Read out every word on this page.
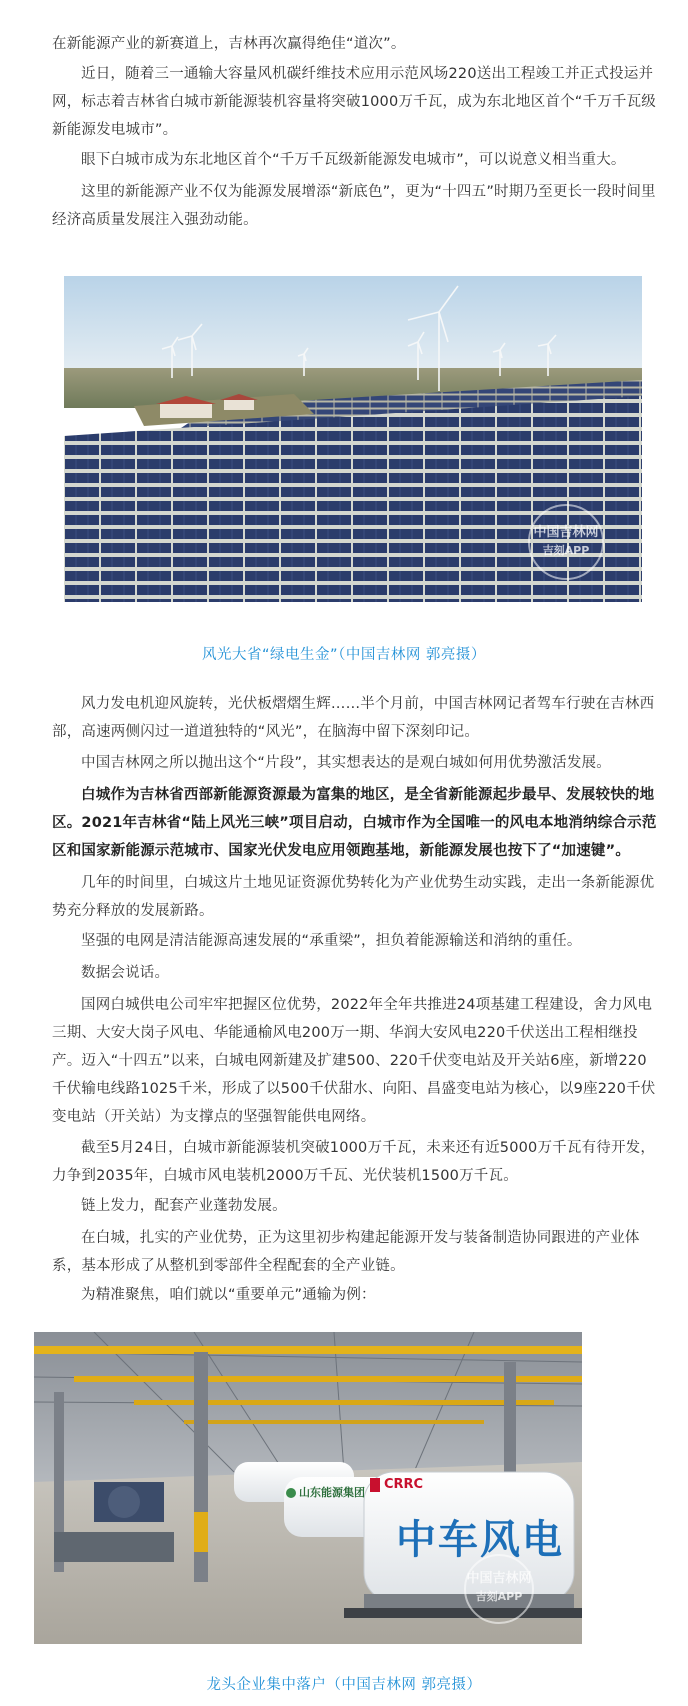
在新能源产业的新赛道上，吉林再次赢得绝佳“道次”。

近日，随着三一通输大容量风机碳纤维技术应用示范风场220送出工程竣工并正式投运并网，标志着吉林省白城市新能源装机容量将突破1000万千瓦，成为东北地区首个“千万千瓦级新能源发电城市”。

眼下白城市成为东北地区首个“千万千瓦级新能源发电城市”，可以说意义相当重大。

这里的新能源产业不仅为能源发展增添“新底色”，更为“十四五”时期乃至更长一段时间里经济高质量发展注入强劲动能。

中国吉林网
吉刻APP
风光大省“绿电生金”（中国吉林网 郭亮摄）

风力发电机迎风旋转，光伏板熠熠生辉……半个月前，中国吉林网记者驾车行驶在吉林西部，高速两侧闪过一道道独特的“风光”，在脑海中留下深刻印记。

中国吉林网之所以抛出这个“片段”，其实想表达的是观白城如何用优势激活发展。

白城作为吉林省西部新能源资源最为富集的地区，是全省新能源起步最早、发展较快的地区。2021年吉林省“陆上风光三峡”项目启动，白城市作为全国唯一的风电本地消纳综合示范区和国家新能源示范城市、国家光伏发电应用领跑基地，新能源发展也按下了“加速键”。

几年的时间里，白城这片土地见证资源优势转化为产业优势生动实践，走出一条新能源优势充分释放的发展新路。

坚强的电网是清洁能源高速发展的“承重梁”，担负着能源输送和消纳的重任。

数据会说话。

国网白城供电公司牢牢把握区位优势，2022年全年共推进24项基建工程建设，舍力风电三期、大安大岗子风电、华能通榆风电200万一期、华润大安风电220千伏送出工程相继投产。迈入“十四五”以来，白城电网新建及扩建500、220千伏变电站及开关站6座，新增220千伏输电线路1025千米，形成了以500千伏甜水、向阳、昌盛变电站为核心，以9座220千伏变电站（开关站）为支撑点的坚强智能供电网络。

截至5月24日，白城市新能源装机突破1000万千瓦，未来还有近5000万千瓦有待开发，力争到2035年，白城市风电装机2000万千瓦、光伏装机1500万千瓦。

链上发力，配套产业蓬勃发展。

在白城，扎实的产业优势，正为这里初步构建起能源开发与装备制造协同跟进的产业体系，基本形成了从整机到零部件全程配套的全产业链。

为精准聚焦，咱们就以“重要单元”通输为例：

山东能源集团
CRRC
中车风电
中国吉林网
吉刻APP
龙头企业集中落户（中国吉林网 郭亮摄）
